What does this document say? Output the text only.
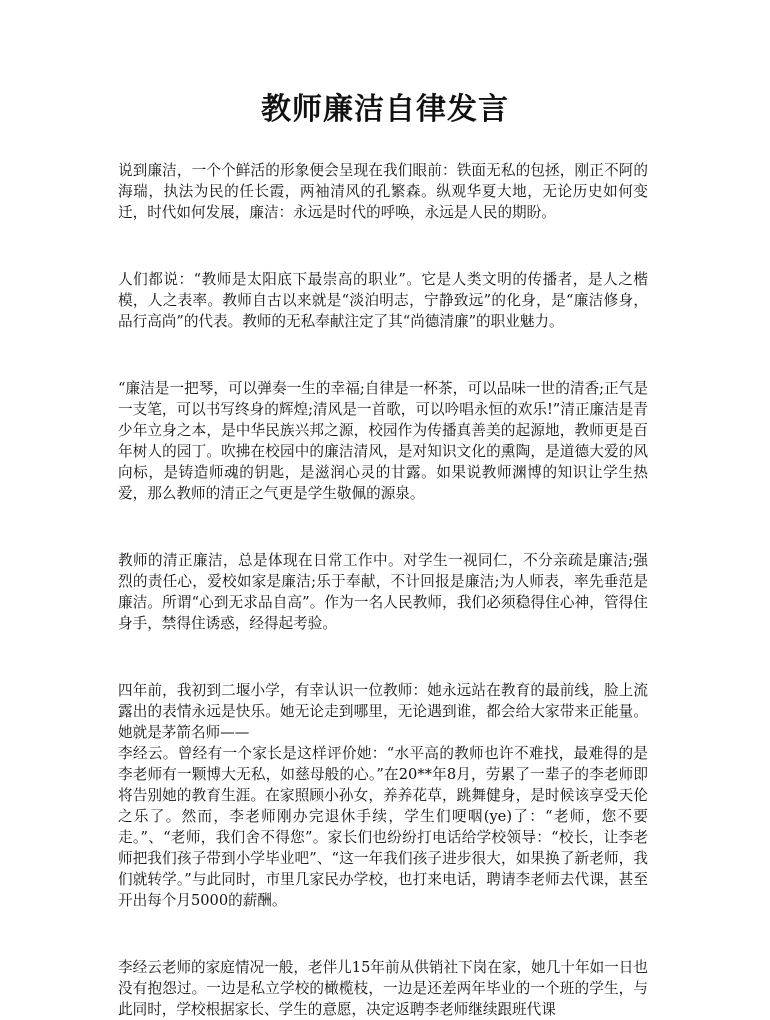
教师廉洁自律发言

说到廉洁，一个个鲜活的形象便会呈现在我们眼前：铁面无私的包拯，刚正不阿的海瑞，执法为民的任长霞，两袖清风的孔繁森。纵观华夏大地，无论历史如何变迁，时代如何发展，廉洁：永远是时代的呼唤，永远是人民的期盼。

人们都说：“教师是太阳底下最崇高的职业”。它是人类文明的传播者，是人之楷模，人之表率。教师自古以来就是“淡泊明志，宁静致远”的化身，是“廉洁修身，品行高尚”的代表。教师的无私奉献注定了其“尚德清廉”的职业魅力。

“廉洁是一把琴，可以弹奏一生的幸福;自律是一杯茶，可以品味一世的清香;正气是一支笔，可以书写终身的辉煌;清风是一首歌，可以吟唱永恒的欢乐!”清正廉洁是青少年立身之本，是中华民族兴邦之源，校园作为传播真善美的起源地，教师更是百年树人的园丁。吹拂在校园中的廉洁清风，是对知识文化的熏陶，是道德大爱的风向标，是铸造师魂的钥匙，是滋润心灵的甘露。如果说教师渊博的知识让学生热爱，那么教师的清正之气更是学生敬佩的源泉。

教师的清正廉洁，总是体现在日常工作中。对学生一视同仁，不分亲疏是廉洁;强烈的责任心，爱校如家是廉洁;乐于奉献，不计回报是廉洁;为人师表，率先垂范是廉洁。所谓“心到无求品自高”。作为一名人民教师，我们必须稳得住心神，管得住身手，禁得住诱惑，经得起考验。

四年前，我初到二堰小学，有幸认识一位教师：她永远站在教育的最前线，脸上流露出的表情永远是快乐。她无论走到哪里，无论遇到谁，都会给大家带来正能量。她就是茅箭名师——
李经云。曾经有一个家长是这样评价她：“水平高的教师也许不难找，最难得的是李老师有一颗博大无私，如慈母般的心。”在20**年8月，劳累了一辈子的李老师即将告别她的教育生涯。在家照顾小孙女，养养花草，跳舞健身，是时候该享受天伦之乐了。然而，李老师刚办完退休手续，学生们哽咽(ye)了：“老师，您不要走。”、“老师，我们舍不得您”。家长们也纷纷打电话给学校领导：“校长，让李老师把我们孩子带到小学毕业吧”、“这一年我们孩子进步很大，如果换了新老师，我们就转学。”与此同时，市里几家民办学校，也打来电话，聘请李老师去代课，甚至开出每个月5000的薪酬。

李经云老师的家庭情况一般，老伴儿15年前从供销社下岗在家，她几十年如一日也没有抱怨过。一边是私立学校的橄榄枝，一边是还差两年毕业的一个班的学生，与此同时，学校根据家长、学生的意愿，决定返聘李老师继续跟班代课
